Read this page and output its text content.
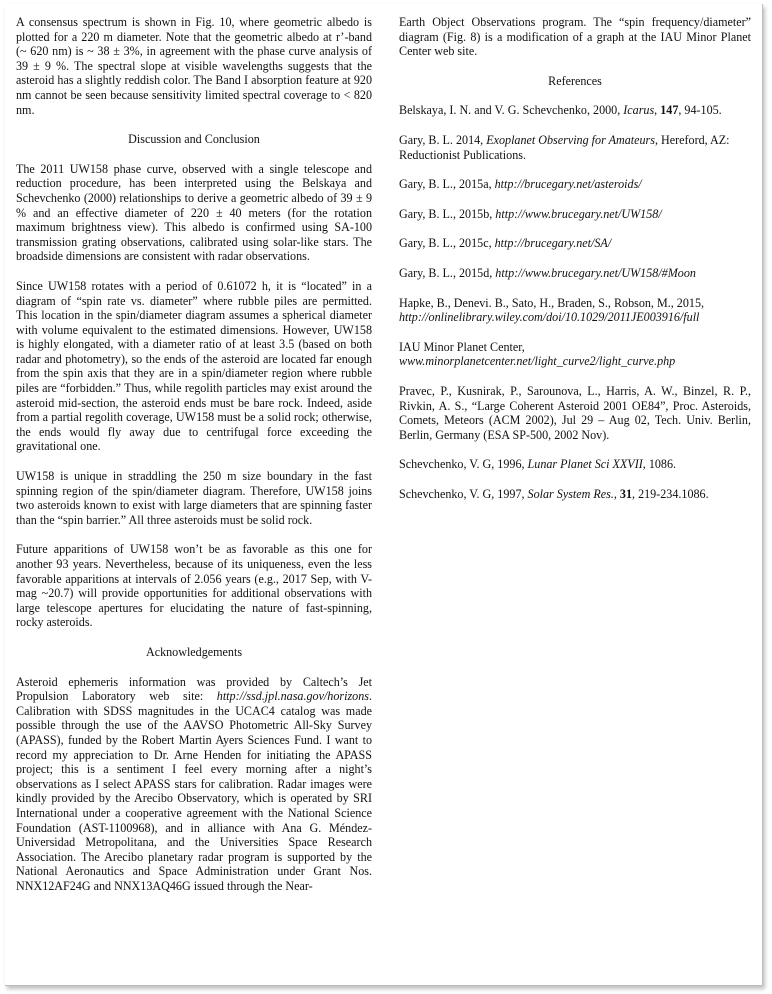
A consensus spectrum is shown in Fig. 10, where geometric albedo is plotted for a 220 m diameter. Note that the geometric albedo at r’-band (~ 620 nm) is ~ 38 ± 3%, in agreement with the phase curve analysis of 39 ± 9 %. The spectral slope at visible wavelengths suggests that the asteroid has a slightly reddish color. The Band I absorption feature at 920 nm cannot be seen because sensitivity limited spectral coverage to < 820 nm.

Discussion and Conclusion

The 2011 UW158 phase curve, observed with a single telescope and reduction procedure, has been interpreted using the Belskaya and Schevchenko (2000) relationships to derive a geometric albedo of 39 ± 9 % and an effective diameter of 220 ± 40 meters (for the rotation maximum brightness view). This albedo is confirmed using SA-100 transmission grating observations, calibrated using solar-like stars. The broadside dimensions are consistent with radar observations.

Since UW158 rotates with a period of 0.61072 h, it is “located” in a diagram of “spin rate vs. diameter” where rubble piles are permitted. This location in the spin/diameter diagram assumes a spherical diameter with volume equivalent to the estimated dimensions. However, UW158 is highly elongated, with a diameter ratio of at least 3.5 (based on both radar and photometry), so the ends of the asteroid are located far enough from the spin axis that they are in a spin/diameter region where rubble piles are “forbidden.” Thus, while regolith particles may exist around the asteroid mid-section, the asteroid ends must be bare rock. Indeed, aside from a partial regolith coverage, UW158 must be a solid rock; otherwise, the ends would fly away due to centrifugal force exceeding the gravitational one.

UW158 is unique in straddling the 250 m size boundary in the fast spinning region of the spin/diameter diagram. Therefore, UW158 joins two asteroids known to exist with large diameters that are spinning faster than the “spin barrier.” All three asteroids must be solid rock.

Future apparitions of UW158 won’t be as favorable as this one for another 93 years. Nevertheless, because of its uniqueness, even the less favorable apparitions at intervals of 2.056 years (e.g., 2017 Sep, with V-mag ~20.7) will provide opportunities for additional observations with large telescope apertures for elucidating the nature of fast-spinning, rocky asteroids.

Acknowledgements

Asteroid ephemeris information was provided by Caltech’s Jet Propulsion Laboratory web site: http://ssd.jpl.nasa.gov/horizons. Calibration with SDSS magnitudes in the UCAC4 catalog was made possible through the use of the AAVSO Photometric All-Sky Survey (APASS), funded by the Robert Martin Ayers Sciences Fund. I want to record my appreciation to Dr. Arne Henden for initiating the APASS project; this is a sentiment I feel every morning after a night’s observations as I select APASS stars for calibration. Radar images were kindly provided by the Arecibo Observatory, which is operated by SRI International under a cooperative agreement with the National Science Foundation (AST-1100968), and in alliance with Ana G. Méndez-Universidad Metropolitana, and the Universities Space Research Association. The Arecibo planetary radar program is supported by the National Aeronautics and Space Administration under Grant Nos. NNX12AF24G and NNX13AQ46G issued through the Near-

Earth Object Observations program. The “spin frequency/diameter” diagram (Fig. 8) is a modification of a graph at the IAU Minor Planet Center web site.

References

Belskaya, I. N. and V. G. Schevchenko, 2000, Icarus, 147, 94-105.

Gary, B. L. 2014, Exoplanet Observing for Amateurs, Hereford, AZ: Reductionist Publications.

Gary, B. L., 2015a, http://brucegary.net/asteroids/

Gary, B. L., 2015b, http://www.brucegary.net/UW158/

Gary, B. L., 2015c, http://brucegary.net/SA/

Gary, B. L., 2015d, http://www.brucegary.net/UW158/#Moon

Hapke, B., Denevi. B., Sato, H., Braden, S., Robson, M., 2015, http://onlinelibrary.wiley.com/doi/10.1029/2011JE003916/full

IAU Minor Planet Center,
www.minorplanetcenter.net/light_curve2/light_curve.php

Pravec, P., Kusnirak, P., Sarounova, L., Harris, A. W., Binzel, R. P., Rivkin, A. S., “Large Coherent Asteroid 2001 OE84”, Proc. Asteroids, Comets, Meteors (ACM 2002), Jul 29 – Aug 02, Tech. Univ. Berlin, Berlin, Germany (ESA SP-500, 2002 Nov).

Schevchenko, V. G, 1996, Lunar Planet Sci XXVII, 1086.

Schevchenko, V. G, 1997, Solar System Res., 31, 219-234.1086.
